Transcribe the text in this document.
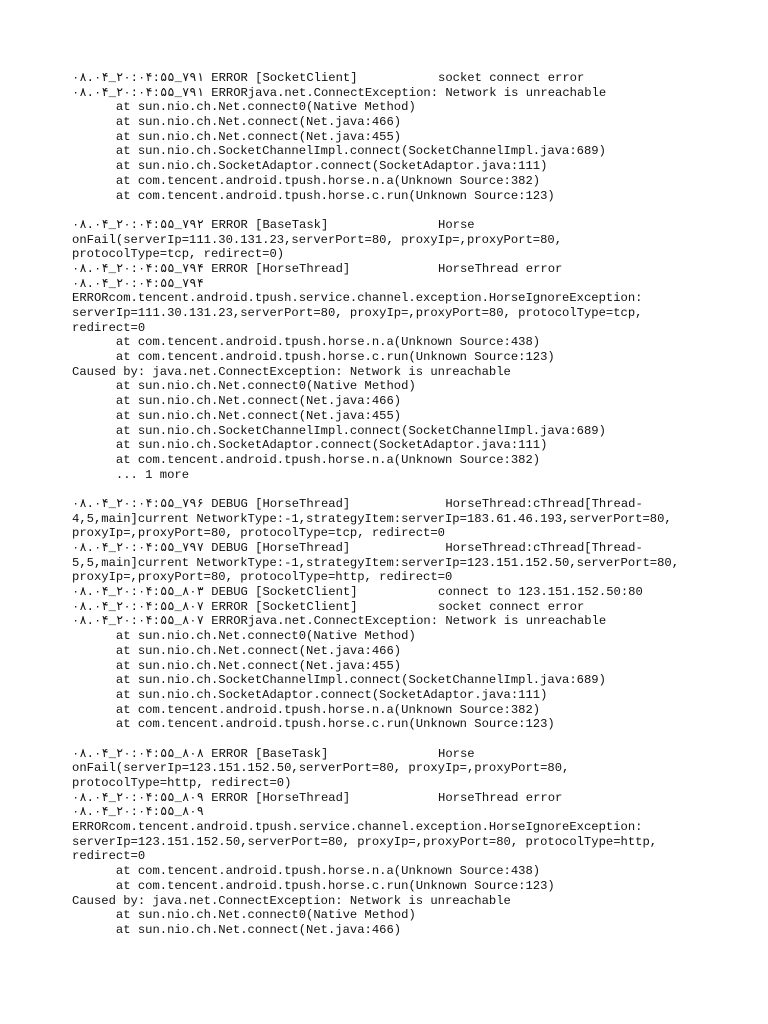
۰۸.۰۴_۲۰:۰۴:۵۵_۷۹۱ ERROR [SocketClient]           socket connect error
۰۸.۰۴_۲۰:۰۴:۵۵_۷۹۱ ERRORjava.net.ConnectException: Network is unreachable
at sun.nio.ch.Net.connect0(Native Method)
at sun.nio.ch.Net.connect(Net.java:466)
at sun.nio.ch.Net.connect(Net.java:455)
at sun.nio.ch.SocketChannelImpl.connect(SocketChannelImpl.java:689)
at sun.nio.ch.SocketAdaptor.connect(SocketAdaptor.java:111)
at com.tencent.android.tpush.horse.n.a(Unknown Source:382)
at com.tencent.android.tpush.horse.c.run(Unknown Source:123)
۰۸.۰۴_۲۰:۰۴:۵۵_۷۹۲ ERROR [BaseTask]               Horse
onFail(serverIp=111.30.131.23,serverPort=80, proxyIp=,proxyPort=80,
protocolType=tcp, redirect=0)
۰۸.۰۴_۲۰:۰۴:۵۵_۷۹۴ ERROR [HorseThread]            HorseThread error
۰۸.۰۴_۲۰:۰۴:۵۵_۷۹۴
ERRORcom.tencent.android.tpush.service.channel.exception.HorseIgnoreException:
serverIp=111.30.131.23,serverPort=80, proxyIp=,proxyPort=80, protocolType=tcp,
redirect=0
at com.tencent.android.tpush.horse.n.a(Unknown Source:438)
at com.tencent.android.tpush.horse.c.run(Unknown Source:123)
Caused by: java.net.ConnectException: Network is unreachable
at sun.nio.ch.Net.connect0(Native Method)
at sun.nio.ch.Net.connect(Net.java:466)
at sun.nio.ch.Net.connect(Net.java:455)
at sun.nio.ch.SocketChannelImpl.connect(SocketChannelImpl.java:689)
at sun.nio.ch.SocketAdaptor.connect(SocketAdaptor.java:111)
at com.tencent.android.tpush.horse.n.a(Unknown Source:382)
... 1 more
۰۸.۰۴_۲۰:۰۴:۵۵_۷۹۶ DEBUG [HorseThread]             HorseThread:cThread[Thread-
4,5,main]current NetworkType:-1,strategyItem:serverIp=183.61.46.193,serverPort=80,
proxyIp=,proxyPort=80, protocolType=tcp, redirect=0
۰۸.۰۴_۲۰:۰۴:۵۵_۷۹۷ DEBUG [HorseThread]             HorseThread:cThread[Thread-
5,5,main]current NetworkType:-1,strategyItem:serverIp=123.151.152.50,serverPort=80,
proxyIp=,proxyPort=80, protocolType=http, redirect=0
۰۸.۰۴_۲۰:۰۴:۵۵_۸۰۳ DEBUG [SocketClient]           connect to 123.151.152.50:80
۰۸.۰۴_۲۰:۰۴:۵۵_۸۰۷ ERROR [SocketClient]           socket connect error
۰۸.۰۴_۲۰:۰۴:۵۵_۸۰۷ ERRORjava.net.ConnectException: Network is unreachable
at sun.nio.ch.Net.connect0(Native Method)
at sun.nio.ch.Net.connect(Net.java:466)
at sun.nio.ch.Net.connect(Net.java:455)
at sun.nio.ch.SocketChannelImpl.connect(SocketChannelImpl.java:689)
at sun.nio.ch.SocketAdaptor.connect(SocketAdaptor.java:111)
at com.tencent.android.tpush.horse.n.a(Unknown Source:382)
at com.tencent.android.tpush.horse.c.run(Unknown Source:123)
۰۸.۰۴_۲۰:۰۴:۵۵_۸۰۸ ERROR [BaseTask]               Horse
onFail(serverIp=123.151.152.50,serverPort=80, proxyIp=,proxyPort=80,
protocolType=http, redirect=0)
۰۸.۰۴_۲۰:۰۴:۵۵_۸۰۹ ERROR [HorseThread]            HorseThread error
۰۸.۰۴_۲۰:۰۴:۵۵_۸۰۹
ERRORcom.tencent.android.tpush.service.channel.exception.HorseIgnoreException:
serverIp=123.151.152.50,serverPort=80, proxyIp=,proxyPort=80, protocolType=http,
redirect=0
at com.tencent.android.tpush.horse.n.a(Unknown Source:438)
at com.tencent.android.tpush.horse.c.run(Unknown Source:123)
Caused by: java.net.ConnectException: Network is unreachable
at sun.nio.ch.Net.connect0(Native Method)
at sun.nio.ch.Net.connect(Net.java:466)
